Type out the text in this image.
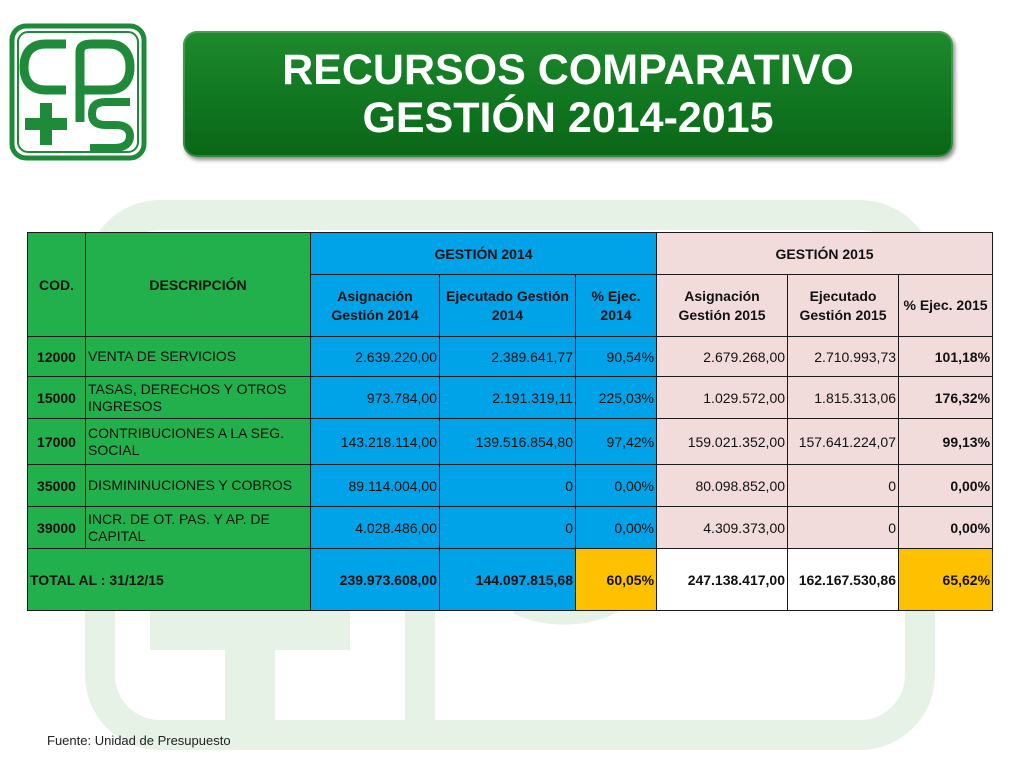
RECURSOS COMPARATIVO
GESTIÓN 2014-2015
COD.	DESCRIPCIÓN	GESTIÓN 2014			GESTIÓN 2015		
		Asignación Gestión 2014	Ejecutado Gestión 2014	% Ejec. 2014	Asignación Gestión 2015	Ejecutado Gestión 2015	% Ejec. 2015
12000	VENTA DE SERVICIOS	2.639.220,00	2.389.641,77	90,54%	2.679.268,00	2.710.993,73	101,18%
15000	TASAS, DERECHOS Y OTROS INGRESOS	973.784,00	2.191.319,11	225,03%	1.029.572,00	1.815.313,06	176,32%
17000	CONTRIBUCIONES A LA SEG. SOCIAL	143.218.114,00	139.516.854,80	97,42%	159.021.352,00	157.641.224,07	99,13%
35000	DISMININUCIONES Y COBROS	89.114.004,00	0	0,00%	80.098.852,00	0	0,00%
39000	INCR. DE OT. PAS. Y AP. DE CAPITAL	4.028.486,00	0	0,00%	4.309.373,00	0	0,00%
TOTAL AL : 31/12/15		239.973.608,00	144.097.815,68	60,05%	247.138.417,00	162.167.530,86	65,62%
Fuente: Unidad de Presupuesto
